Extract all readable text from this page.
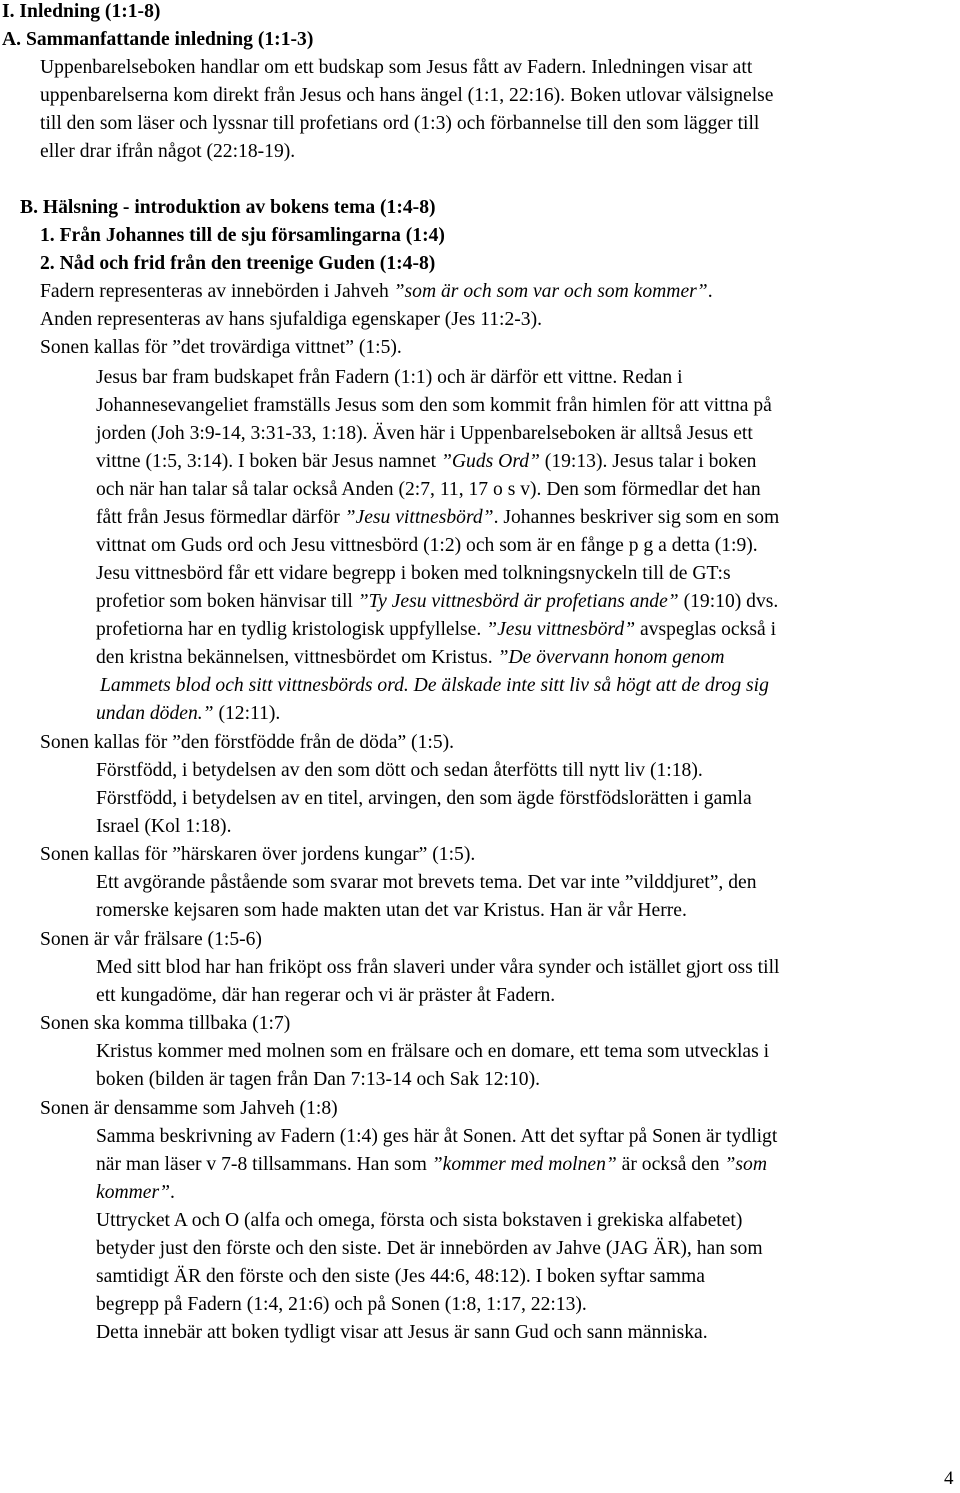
I. Inledning (1:1-8)
A. Sammanfattande inledning (1:1-3)
Uppenbarelseboken handlar om ett budskap som Jesus fått av Fadern. Inledningen visar att
uppenbarelserna kom direkt från Jesus och hans ängel (1:1, 22:16). Boken utlovar välsignelse
till den som läser och lyssnar till profetians ord (1:3) och förbannelse till den som lägger till
eller drar ifrån något (22:18-19).
B. Hälsning - introduktion av bokens tema (1:4-8)
1. Från Johannes till de sju församlingarna (1:4)
2. Nåd och frid från den treenige Guden (1:4-8)
Fadern representeras av innebörden i Jahveh ”som är och som var och som kommer”.
Anden representeras av hans sjufaldiga egenskaper (Jes 11:2-3).
Sonen kallas för ”det trovärdiga vittnet” (1:5).
Jesus bar fram budskapet från Fadern (1:1) och är därför ett vittne. Redan i
Johannesevangeliet framställs Jesus som den som kommit från himlen för att vittna på
jorden (Joh 3:9-14, 3:31-33, 1:18). Även här i Uppenbarelseboken är alltså Jesus ett
vittne (1:5, 3:14). I boken bär Jesus namnet ”Guds Ord” (19:13). Jesus talar i boken
och när han talar så talar också Anden (2:7, 11, 17 o s v). Den som förmedlar det han
fått från Jesus förmedlar därför ”Jesu vittnesbörd”. Johannes beskriver sig som en som
vittnat om Guds ord och Jesu vittnesbörd (1:2) och som är en fånge p g a detta (1:9).
Jesu vittnesbörd får ett vidare begrepp i boken med tolkningsnyckeln till de GT:s
profetior som boken hänvisar till ”Ty Jesu vittnesbörd är profetians ande” (19:10) dvs.
profetiorna har en tydlig kristologisk uppfyllelse. ”Jesu vittnesbörd” avspeglas också i
den kristna bekännelsen, vittnesbördet om Kristus. ”De övervann honom genom
Lammets blod och sitt vittnesbörds ord. De älskade inte sitt liv så högt att de drog sig
undan döden.” (12:11).
Sonen kallas för ”den förstfödde från de döda” (1:5).
Förstfödd, i betydelsen av den som dött och sedan återfötts till nytt liv (1:18).
Förstfödd, i betydelsen av en titel, arvingen, den som ägde förstfödslorätten i gamla
Israel (Kol 1:18).
Sonen kallas för ”härskaren över jordens kungar” (1:5).
Ett avgörande påstående som svarar mot brevets tema. Det var inte ”vilddjuret”, den
romerske kejsaren som hade makten utan det var Kristus. Han är vår Herre.
Sonen är vår frälsare (1:5-6)
Med sitt blod har han friköpt oss från slaveri under våra synder och istället gjort oss till
ett kungadöme, där han regerar och vi är präster åt Fadern.
Sonen ska komma tillbaka (1:7)
Kristus kommer med molnen som en frälsare och en domare, ett tema som utvecklas i
boken (bilden är tagen från Dan 7:13-14 och Sak 12:10).
Sonen är densamme som Jahveh (1:8)
Samma beskrivning av Fadern (1:4) ges här åt Sonen. Att det syftar på Sonen är tydligt
när man läser v 7-8 tillsammans. Han som ”kommer med molnen” är också den ”som
kommer”.
Uttrycket A och O (alfa och omega, första och sista bokstaven i grekiska alfabetet)
betyder just den förste och den siste. Det är innebörden av Jahve (JAG ÄR), han som
samtidigt ÄR den förste och den siste (Jes 44:6, 48:12). I boken syftar samma
begrepp på Fadern (1:4, 21:6) och på Sonen (1:8, 1:17, 22:13).
Detta innebär att boken tydligt visar att Jesus är sann Gud och sann människa.
4
